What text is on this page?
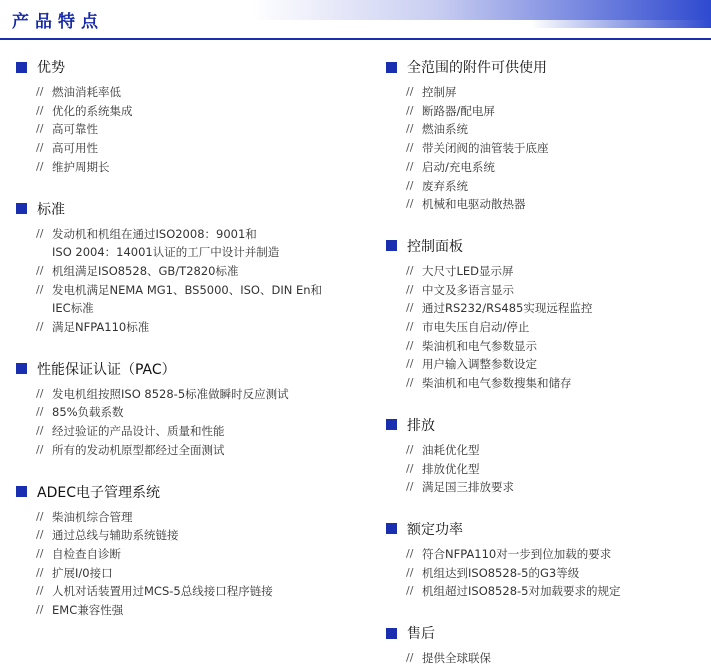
产品特点
优势
// 燃油消耗率低
// 优化的系统集成
// 高可靠性
// 高可用性
// 维护周期长
标准
// 发动机和机组在通过ISO2008：9001和
ISO 2004：14001认证的工厂中设计并制造
// 机组满足ISO8528、GB/T2820标准
// 发电机满足NEMA MG1、BS5000、ISO、DIN En和
IEC标准
// 满足NFPA110标准
性能保证认证（PAC）
// 发电机组按照ISO 8528-5标准做瞬时反应测试
// 85%负载系数
// 经过验证的产品设计、质量和性能
// 所有的发动机原型都经过全面测试
ADEC电子管理系统
// 柴油机综合管理
// 通过总线与辅助系统链接
// 自检查自诊断
// 扩展I/0接口
// 人机对话装置用过MCS-5总线接口程序链接
// EMC兼容性强
全范围的附件可供使用
// 控制屏
// 断路器/配电屏
// 燃油系统
// 带关闭阀的油管装于底座
// 启动/充电系统
// 废弃系统
// 机械和电驱动散热器
控制面板
// 大尺寸LED显示屏
// 中文及多语言显示
// 通过RS232/RS485实现远程监控
// 市电失压自启动/停止
// 柴油机和电气参数显示
// 用户输入调整参数设定
// 柴油机和电气参数搜集和储存
排放
// 油耗优化型
// 排放优化型
// 满足国三排放要求
额定功率
// 符合NFPA110对一步到位加载的要求
// 机组达到ISO8528-5的G3等级
// 机组超过ISO8528-5对加载要求的规定
售后
// 提供全球联保
